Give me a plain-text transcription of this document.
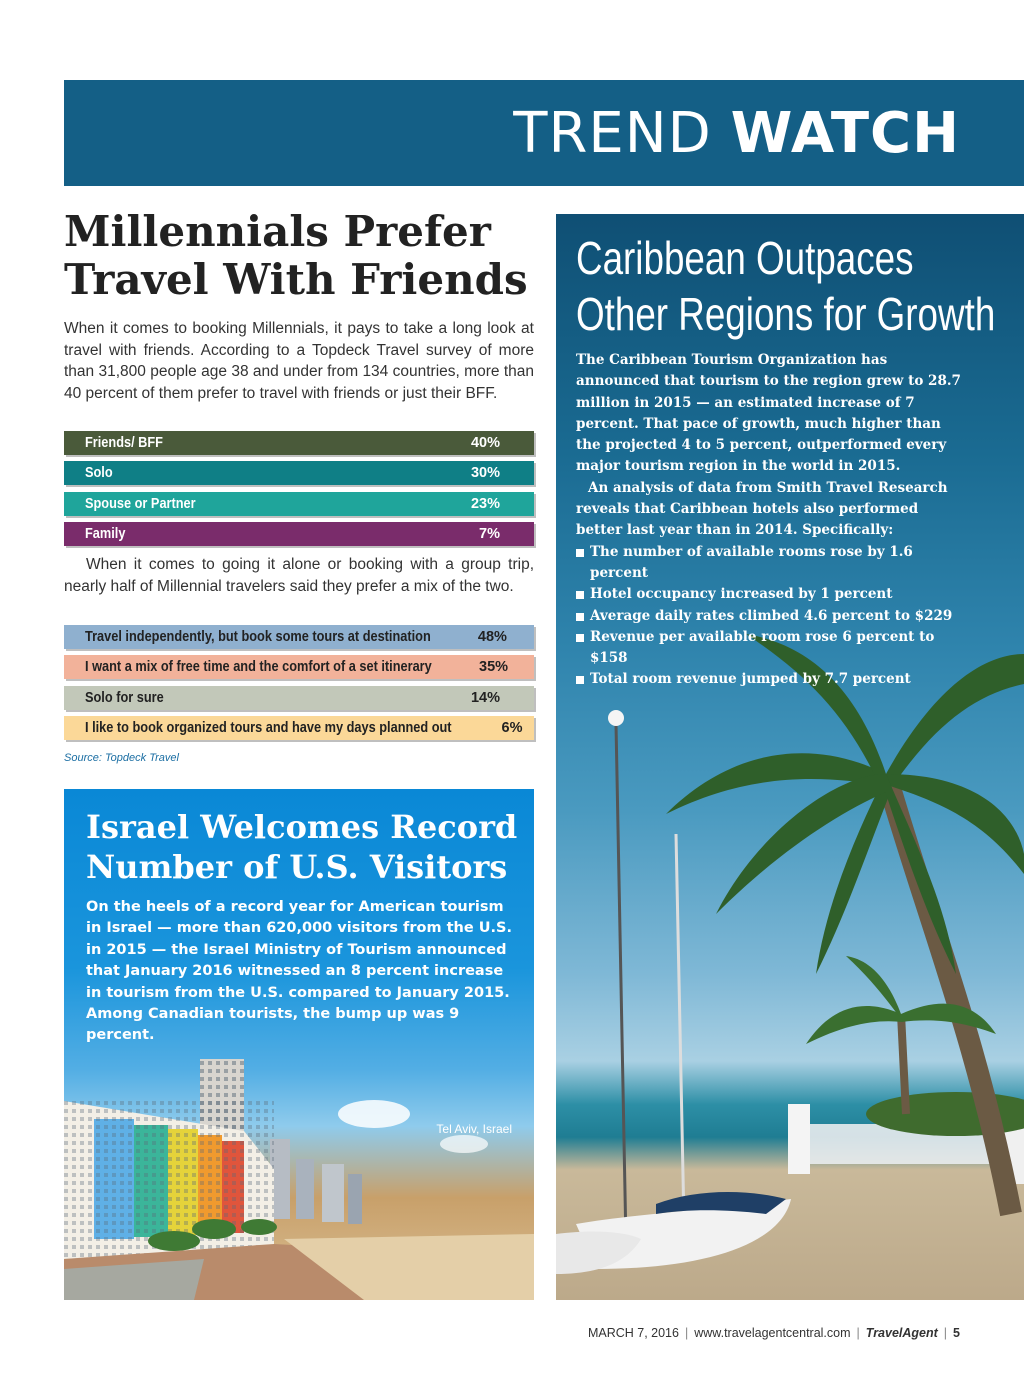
TREND WATCH
Millennials Prefer
Travel With Friends

When it comes to booking Millennials, it pays to take a long look at travel with friends. According to a Topdeck Travel survey of more than 31,800 people age 38 and under from 134 countries, more than 40 percent of them prefer to travel with friends or just their BFF.

Friends/ BFF	40%
Solo	30%
Spouse or Partner	23%
Family	7%

When it comes to going it alone or booking with a group trip, nearly half of Millennial travelers said they prefer a mix of the two.

Travel independently, but book some tours at destination	48%
I want a mix of free time and the comfort of a set itinerary	35%
Solo for sure	14%
I like to book organized tours and have my days planned out	6%
Source: Topdeck Travel
Caribbean Outpaces
Other Regions for Growth

The Caribbean Tourism Organization has announced that tourism to the region grew to 28.7 million in 2015 — an estimated increase of 7 percent. That pace of growth, much higher than the projected 4 to 5 percent, outperformed every major tourism region in the world in 2015.

An analysis of data from Smith Travel Research reveals that Caribbean hotels also performed better last year than in 2014. Specifically:

The number of available rooms rose by 1.6 percent
Hotel occupancy increased by 1 percent
Average daily rates climbed 4.6 percent to $229
Revenue per available room rose 6 percent to $158
Total room revenue jumped by 7.7 percent
Israel Welcomes Record
Number of U.S. Visitors

On the heels of a record year for American tourism in Israel — more than 620,000 visitors from the U.S. in 2015 — the Israel Ministry of Tourism announced that January 2016 witnessed an 8 percent increase in tourism from the U.S. compared to January 2015. Among Canadian tourists, the bump up was 9 percent.

Tel Aviv, Israel
MARCH 7, 2016 | www.travelagentcentral.com | TravelAgent | 5
